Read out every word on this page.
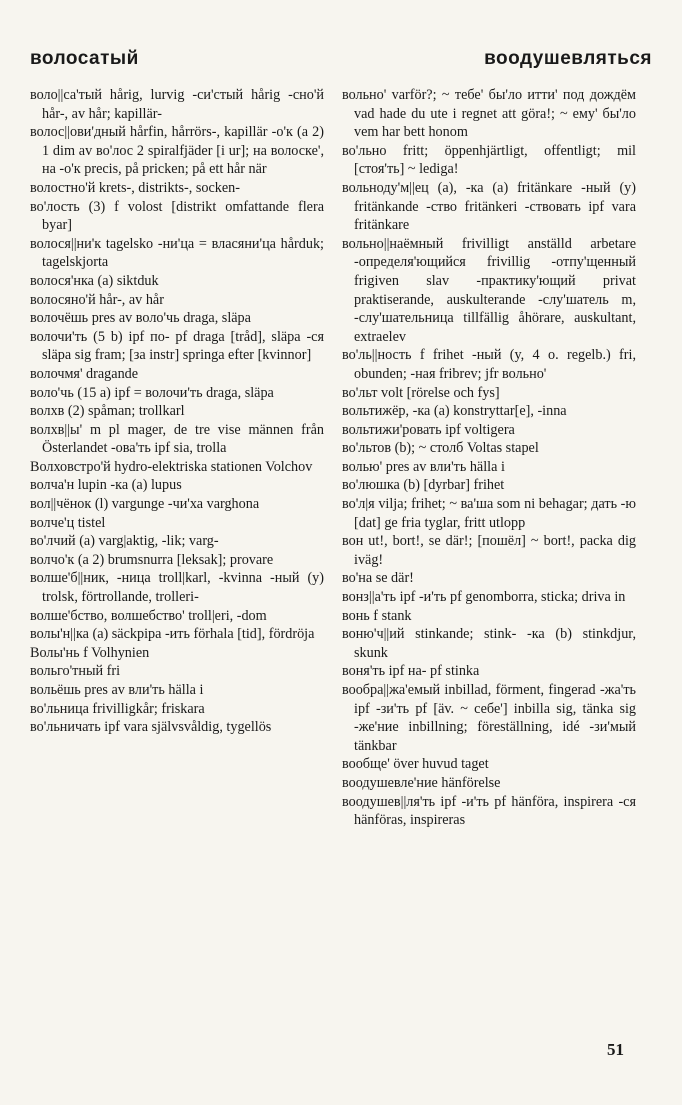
волосатый	воодушевляться

воло||са'тый hårig, lurvig -си'стый hårig -сно'й hår-, av hår; kapillär-

волос||ови'дный hårfin, hårrörs-, kapillär -о'к (a 2) 1 dim av во'лос 2 spiralfjäder [i ur]; на волоске', на -о'к precis, på pricken; på ett hår när

волостно'й krets-, distrikts-, socken-

во'лость (3) f volost [distrikt omfattande flera byar]

волося||ни'к tagelsko -ни'ца = власяни'ца hårduk; tagelskjorta

волося'нка (a) siktduk

волосяно'й hår-, av hår

волочёшь pres av воло'чь draga, släpa

волочи'ть (5 b) ipf по- pf draga [tråd], släpa -ся släpa sig fram; [за instr] springa efter [kvinnor]

волочмя' dragande

воло'чь (15 a) ipf = волочи'ть draga, släpa

волхв (2) spåman; trollkarl

волхв||ы' m pl mager, de tre vise männen från Österlandet -ова'ть ipf sia, trolla

Волховстро'й hydro-elektriska stationen Volchov

волча'н lupin -ка (a) lupus

вол||чёнок (l) vargunge -чи'ха varghona

волче'ц tistel

во'лчий (a) varg|aktig, -lik; varg-

волчо'к (a 2) brumsnurra [leksak]; provare

волше'б||ник, -ница troll|karl, -kvinna -ный (y) trolsk, förtrollande, trolleri-

волше'бство, волшебство' troll|eri, -dom

волы'н||ка (a) säckpipa -ить förhala [tid], fördröja

Волы'нь f Volhynien

вольго'тный fri

вольёшь pres av вли'ть hälla i

во'льница frivilligkår; friskara

во'льничать ipf vara självsvåldig, tygellös

вольно' varför?; ~ тебе' бы'ло итти' под дождём vad hade du ute i regnet att göra!; ~ ему' бы'ло vem har bett honom

во'льно fritt; öppenhjärtligt, offentligt; mil [стоя'ть] ~ lediga!

вольноду'м||ец (a), -ка (a) fritänkare -ный (y) fritänkande -ство fritänkeri -ствовать ipf vara fritänkare

вольно||наёмный frivilligt anställd arbetare -определя'ющийся frivillig -отпу'щенный frigiven slav -практику'ющий privat praktiserande, auskulterande -слу'шатель m, -слу'шательница tillfällig åhörare, auskultant, extraelev

во'ль||ность f frihet -ный (y, 4 o. regelb.) fri, obunden; -ная fribrev; jfr вольно'

во'льт volt [rörelse och fys]

вольтижёр, -ка (a) konstryttar[e], -inna

вольтижи'ровать ipf voltigera

во'льтов (b); ~ столб Voltas stapel

волью' pres av вли'ть hälla i

во'люшка (b) [dyrbar] frihet

во'л|я vilja; frihet; ~ ва'ша som ni behagar; дать -ю [dat] ge fria tyglar, fritt utlopp

вон ut!, bort!, se där!; [пошёл] ~ bort!, packa dig iväg!

во'на se där!

вонз||а'ть ipf -и'ть pf genomborra, sticka; driva in

вонь f stank

воню'ч||ий stinkande; stink- -ка (b) stinkdjur, skunk

воня'ть ipf на- pf stinka

вообра||жа'емый inbillad, förment, fingerad -жа'ть ipf -зи'ть pf [äv. ~ себе'] inbilla sig, tänka sig -же'ние inbillning; föreställning, idé -зи'мый tänkbar

вообще' över huvud taget

воодушевле'ние hänförelse

воодушев||ля'ть ipf -и'ть pf hänföra, inspirera -ся hänföras, inspireras

51
